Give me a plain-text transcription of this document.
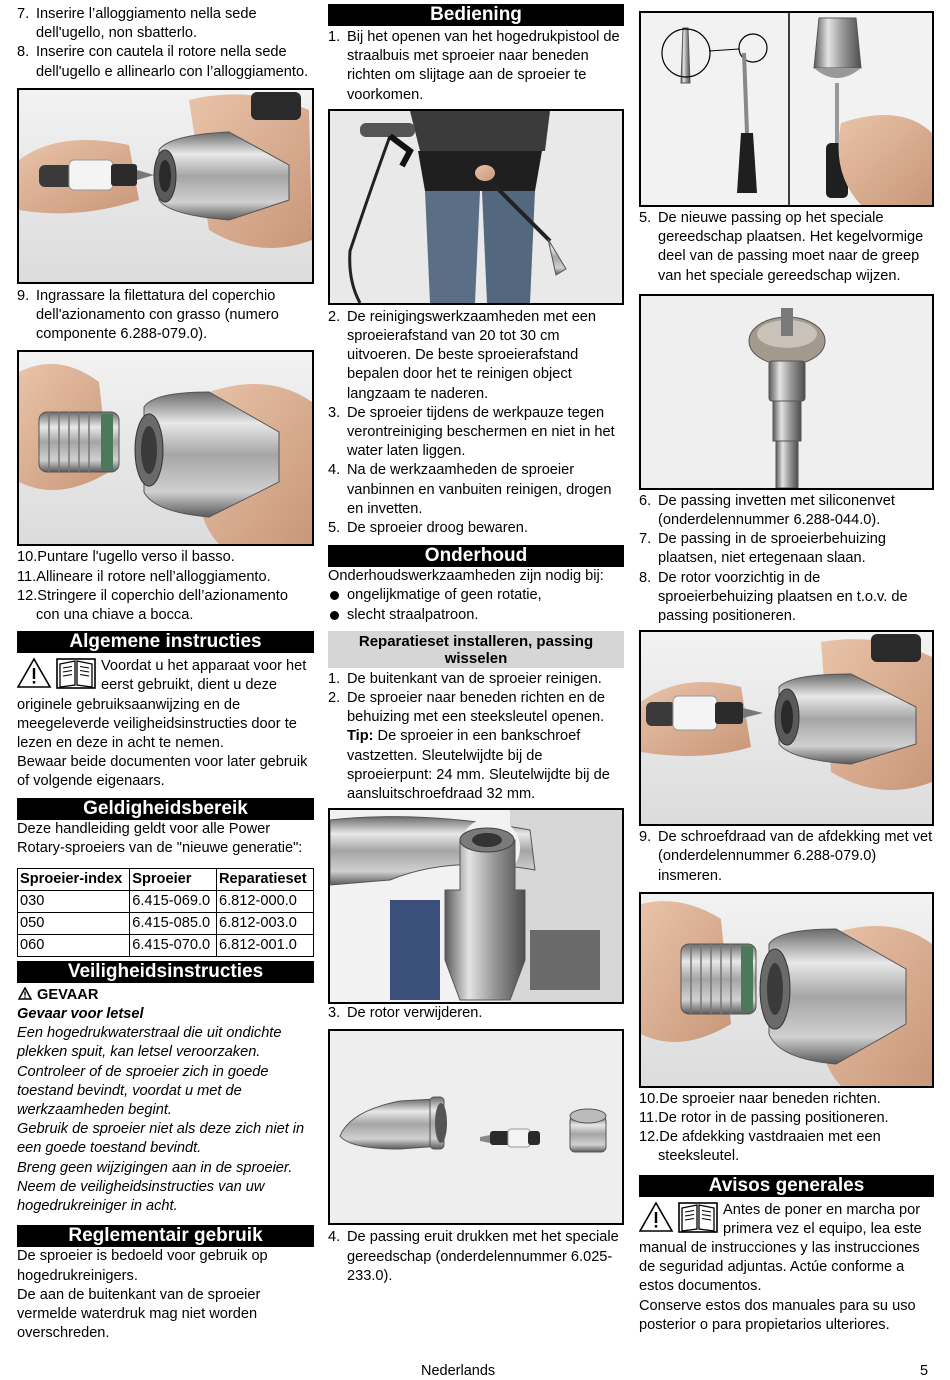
7. Inserire l’alloggiamento nella sede dell'ugello, non sbatterlo.
8. Inserire con cautela il rotore nella sede dell'ugello e allinearlo con l’alloggiamento.
9. Ingrassare la filettatura del coperchio dell'azionamento con grasso (numero componente 6.288-079.0).
10.Puntare l'ugello verso il basso.
11.Allineare il rotore nell’alloggiamento.
12.Stringere il coperchio dell’azionamento con una chiave a bocca.
Algemene instructies

Voordat u het apparaat voor het eerst gebruikt, dient u deze originele gebruiksaanwijzing en de meegeleverde veiligheidsinstructies door te lezen en deze in acht te nemen.

Bewaar beide documenten voor later gebruik of volgende eigenaars.

Geldigheidsbereik

Deze handleiding geldt voor alle Power Rotary-sproeiers van de "nieuwe generatie":

Sproeier-index	Sproeier	Reparatieset
030	6.415-069.0	6.812-000.0
050	6.415-085.0	6.812-003.0
060	6.415-070.0	6.812-001.0
Veiligheidsinstructies
GEVAAR

Gevaar voor letsel

Een hogedrukwaterstraal die uit ondichte plekken spuit, kan letsel veroorzaken.

Controleer of de sproeier zich in goede toestand bevindt, voordat u met de werkzaamheden begint.

Gebruik de sproeier niet als deze zich niet in een goede toestand bevindt.

Breng geen wijzigingen aan in de sproeier.

Neem de veiligheidsinstructies van uw hogedrukreiniger in acht.

Reglementair gebruik

De sproeier is bedoeld voor gebruik op hogedrukreinigers.

De aan de buitenkant van de sproeier vermelde waterdruk mag niet worden overschreden.

Bediening
1. Bij het openen van het hogedrukpistool de straalbuis met sproeier naar beneden richten om slijtage aan de sproeier te voorkomen.
2. De reinigingswerkzaamheden met een sproeierafstand van 20 tot 30 cm uitvoeren. De beste sproeierafstand bepalen door het te reinigen object langzaam te naderen.
3. De sproeier tijdens de werkpauze tegen verontreiniging beschermen en niet in het water laten liggen.
4. Na de werkzaamheden de sproeier vanbinnen en vanbuiten reinigen, drogen en invetten.
5. De sproeier droog bewaren.
Onderhoud

Onderhoudswerkzaamheden zijn nodig bij:

ongelijkmatige of geen rotatie,
slecht straalpatroon.
Reparatieset installeren, passing wisselen
1. De buitenkant van de sproeier reinigen.
2. De sproeier naar beneden richten en de behuizing met een steeksleutel openen.
Tip: De sproeier in een bankschroef vastzetten. Sleutelwijdte bij de sproeierpunt: 24 mm. Sleutelwijdte bij de aansluitschroefdraad 32 mm.
3. De rotor verwijderen.
4. De passing eruit drukken met het speciale gereedschap (onderdelennummer 6.025-233.0).
5. De nieuwe passing op het speciale gereedschap plaatsen. Het kegelvormige deel van de passing moet naar de greep van het speciale gereedschap wijzen.
6. De passing invetten met siliconenvet (onderdelennummer 6.288-044.0).
7. De passing in de sproeierbehuizing plaatsen, niet ertegenaan slaan.
8. De rotor voorzichtig in de sproeierbehuizing plaatsen en t.o.v. de passing positioneren.
9. De schroefdraad van de afdekking met vet (onderdelennummer 6.288-079.0) insmeren.
10.De sproeier naar beneden richten.
11.De rotor in de passing positioneren.
12.De afdekking vastdraaien met een steeksleutel.
Avisos generales

Antes de poner en marcha por primera vez el equipo, lea este manual de instrucciones y las instrucciones de seguridad adjuntas. Actúe conforme a estos documentos.

Conserve estos dos manuales para su uso posterior o para propietarios ulteriores.

Nederlands	5
